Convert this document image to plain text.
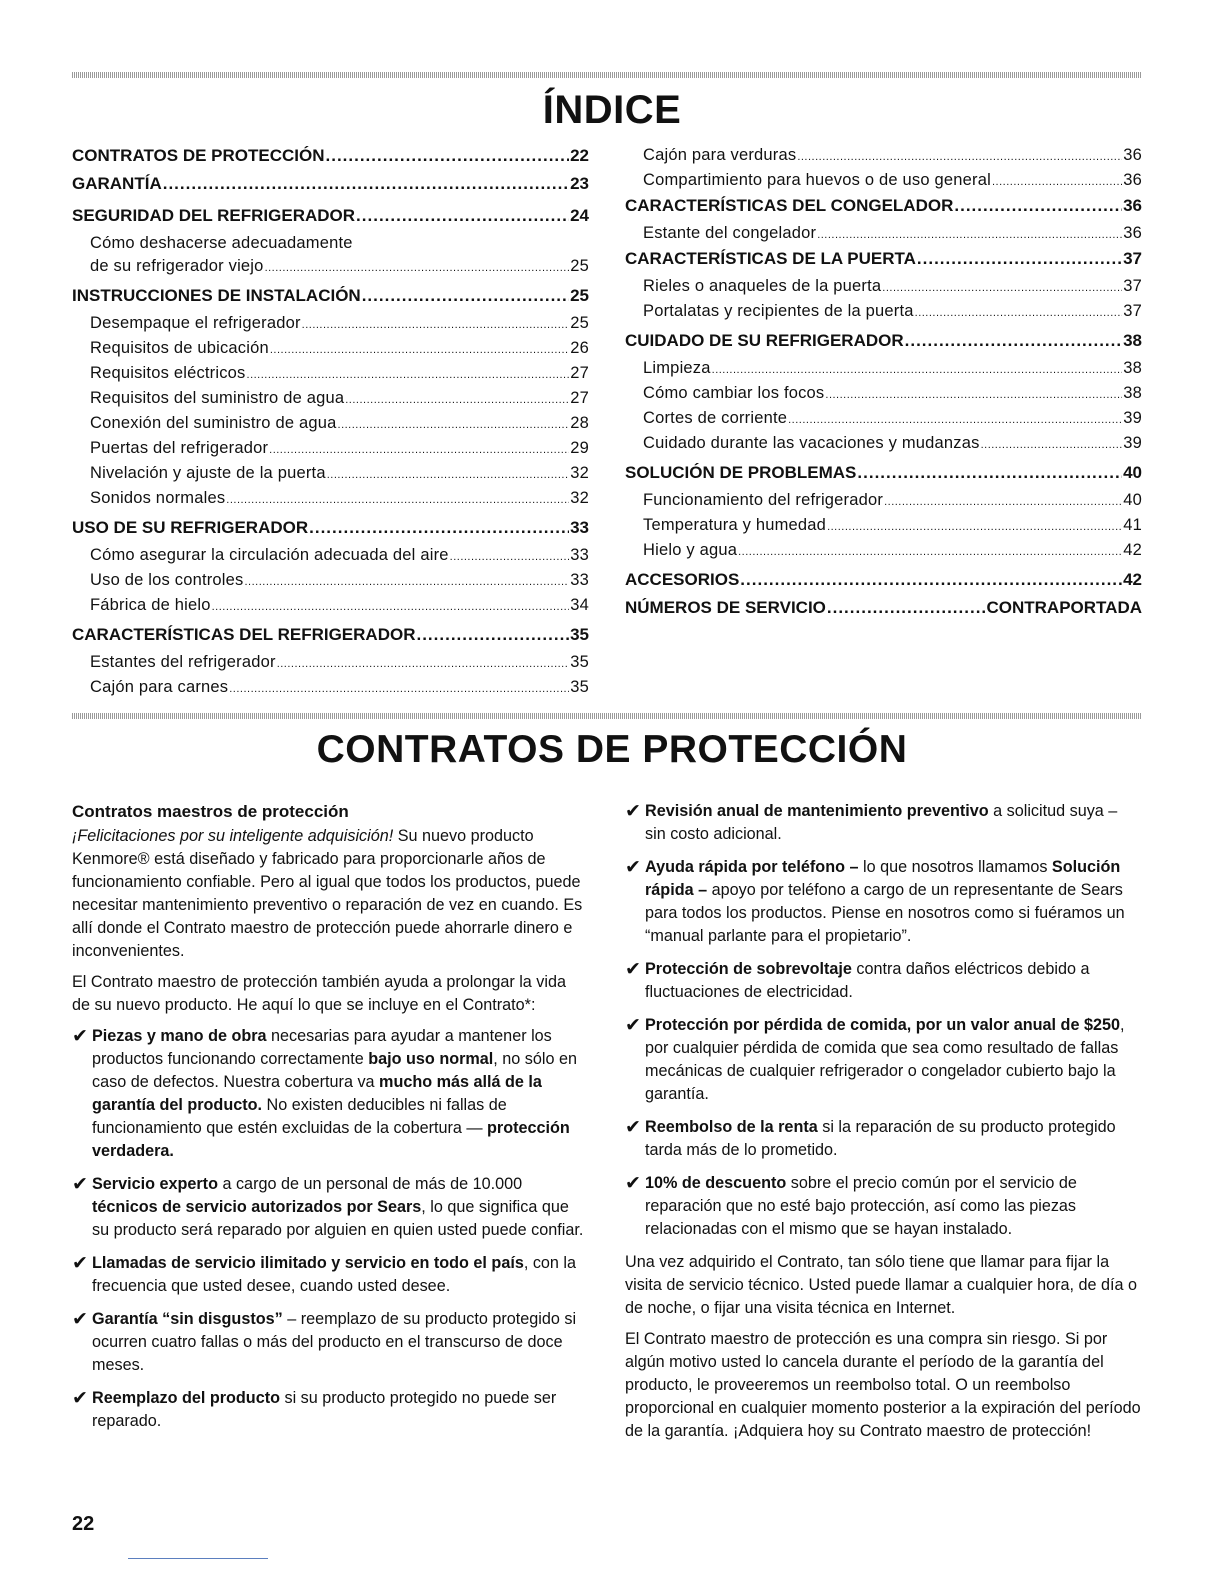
ÍNDICE
CONTRATOS DE PROTECCIÓN .....	22
GARANTÍA .....	23
SEGURIDAD DEL REFRIGERADOR .....	24
Cómo deshacerse adecuadamente
de su refrigerador viejo .....	25
INSTRUCCIONES DE INSTALACIÓN .....	25
Desempaque el refrigerador .....	25
Requisitos de ubicación .....	26
Requisitos eléctricos .....	27
Requisitos del suministro de agua .....	27
Conexión del suministro de agua .....	28
Puertas del refrigerador .....	29
Nivelación y ajuste de la puerta .....	32
Sonidos normales .....	32
USO DE SU REFRIGERADOR .....	33
Cómo asegurar la circulación adecuada del aire .....	33
Uso de los controles .....	33
Fábrica de hielo .....	34
CARACTERÍSTICAS DEL REFRIGERADOR .....	35
Estantes del refrigerador .....	35
Cajón para carnes .....	35
Cajón para verduras .....	36
Compartimiento para huevos o de uso general .....	36
CARACTERÍSTICAS DEL CONGELADOR .....	36
Estante del congelador .....	36
CARACTERÍSTICAS DE LA PUERTA .....	37
Rieles o anaqueles de la puerta .....	37
Portalatas y recipientes de la puerta .....	37
CUIDADO DE SU REFRIGERADOR .....	38
Limpieza .....	38
Cómo cambiar los focos .....	38
Cortes de corriente .....	39
Cuidado durante las vacaciones y mudanzas .....	39
SOLUCIÓN DE PROBLEMAS .....	40
Funcionamiento del refrigerador .....	40
Temperatura y humedad .....	41
Hielo y agua .....	42
ACCESORIOS .....	42
NÚMEROS DE SERVICIO .....	CONTRAPORTADA
CONTRATOS DE PROTECCIÓN
Contratos maestros de protección

¡Felicitaciones por su inteligente adquisición! Su nuevo producto Kenmore® está diseñado y fabricado para proporcionarle años de funcionamiento confiable. Pero al igual que todos los productos, puede necesitar mantenimiento preventivo o reparación de vez en cuando. Es allí donde el Contrato maestro de protección puede ahorrarle dinero e inconvenientes.

El Contrato maestro de protección también ayuda a prolongar la vida de su nuevo producto. He aquí lo que se incluye en el Contrato*:

✔ Piezas y mano de obra necesarias para ayudar a mantener los productos funcionando correctamente bajo uso normal, no sólo en caso de defectos. Nuestra cobertura va mucho más allá de la garantía del producto. No existen deducibles ni fallas de funcionamiento que estén excluidas de la cobertura — protección verdadera.
✔ Servicio experto a cargo de un personal de más de 10.000 técnicos de servicio autorizados por Sears, lo que significa que su producto será reparado por alguien en quien usted puede confiar.
✔ Llamadas de servicio ilimitado y servicio en todo el país, con la frecuencia que usted desee, cuando usted desee.
✔ Garantía “sin disgustos” – reemplazo de su producto protegido si ocurren cuatro fallas o más del producto en el transcurso de doce meses.
✔ Reemplazo del producto si su producto protegido no puede ser reparado.
✔ Revisión anual de mantenimiento preventivo a solicitud suya – sin costo adicional.
✔ Ayuda rápida por teléfono – lo que nosotros llamamos Solución rápida – apoyo por teléfono a cargo de un representante de Sears para todos los productos. Piense en nosotros como si fuéramos un “manual parlante para el propietario”.
✔ Protección de sobrevoltaje contra daños eléctricos debido a fluctuaciones de electricidad.
✔ Protección por pérdida de comida, por un valor anual de $250, por cualquier pérdida de comida que sea como resultado de fallas mecánicas de cualquier refrigerador o congelador cubierto bajo la garantía.
✔ Reembolso de la renta si la reparación de su producto protegido tarda más de lo prometido.
✔ 10% de descuento sobre el precio común por el servicio de reparación que no esté bajo protección, así como las piezas relacionadas con el mismo que se hayan instalado.

Una vez adquirido el Contrato, tan sólo tiene que llamar para fijar la visita de servicio técnico. Usted puede llamar a cualquier hora, de día o de noche, o fijar una visita técnica en Internet.

El Contrato maestro de protección es una compra sin riesgo. Si por algún motivo usted lo cancela durante el período de la garantía del producto, le proveeremos un reembolso total. O un reembolso proporcional en cualquier momento posterior a la expiración del período de la garantía. ¡Adquiera hoy su Contrato maestro de protección!

22
